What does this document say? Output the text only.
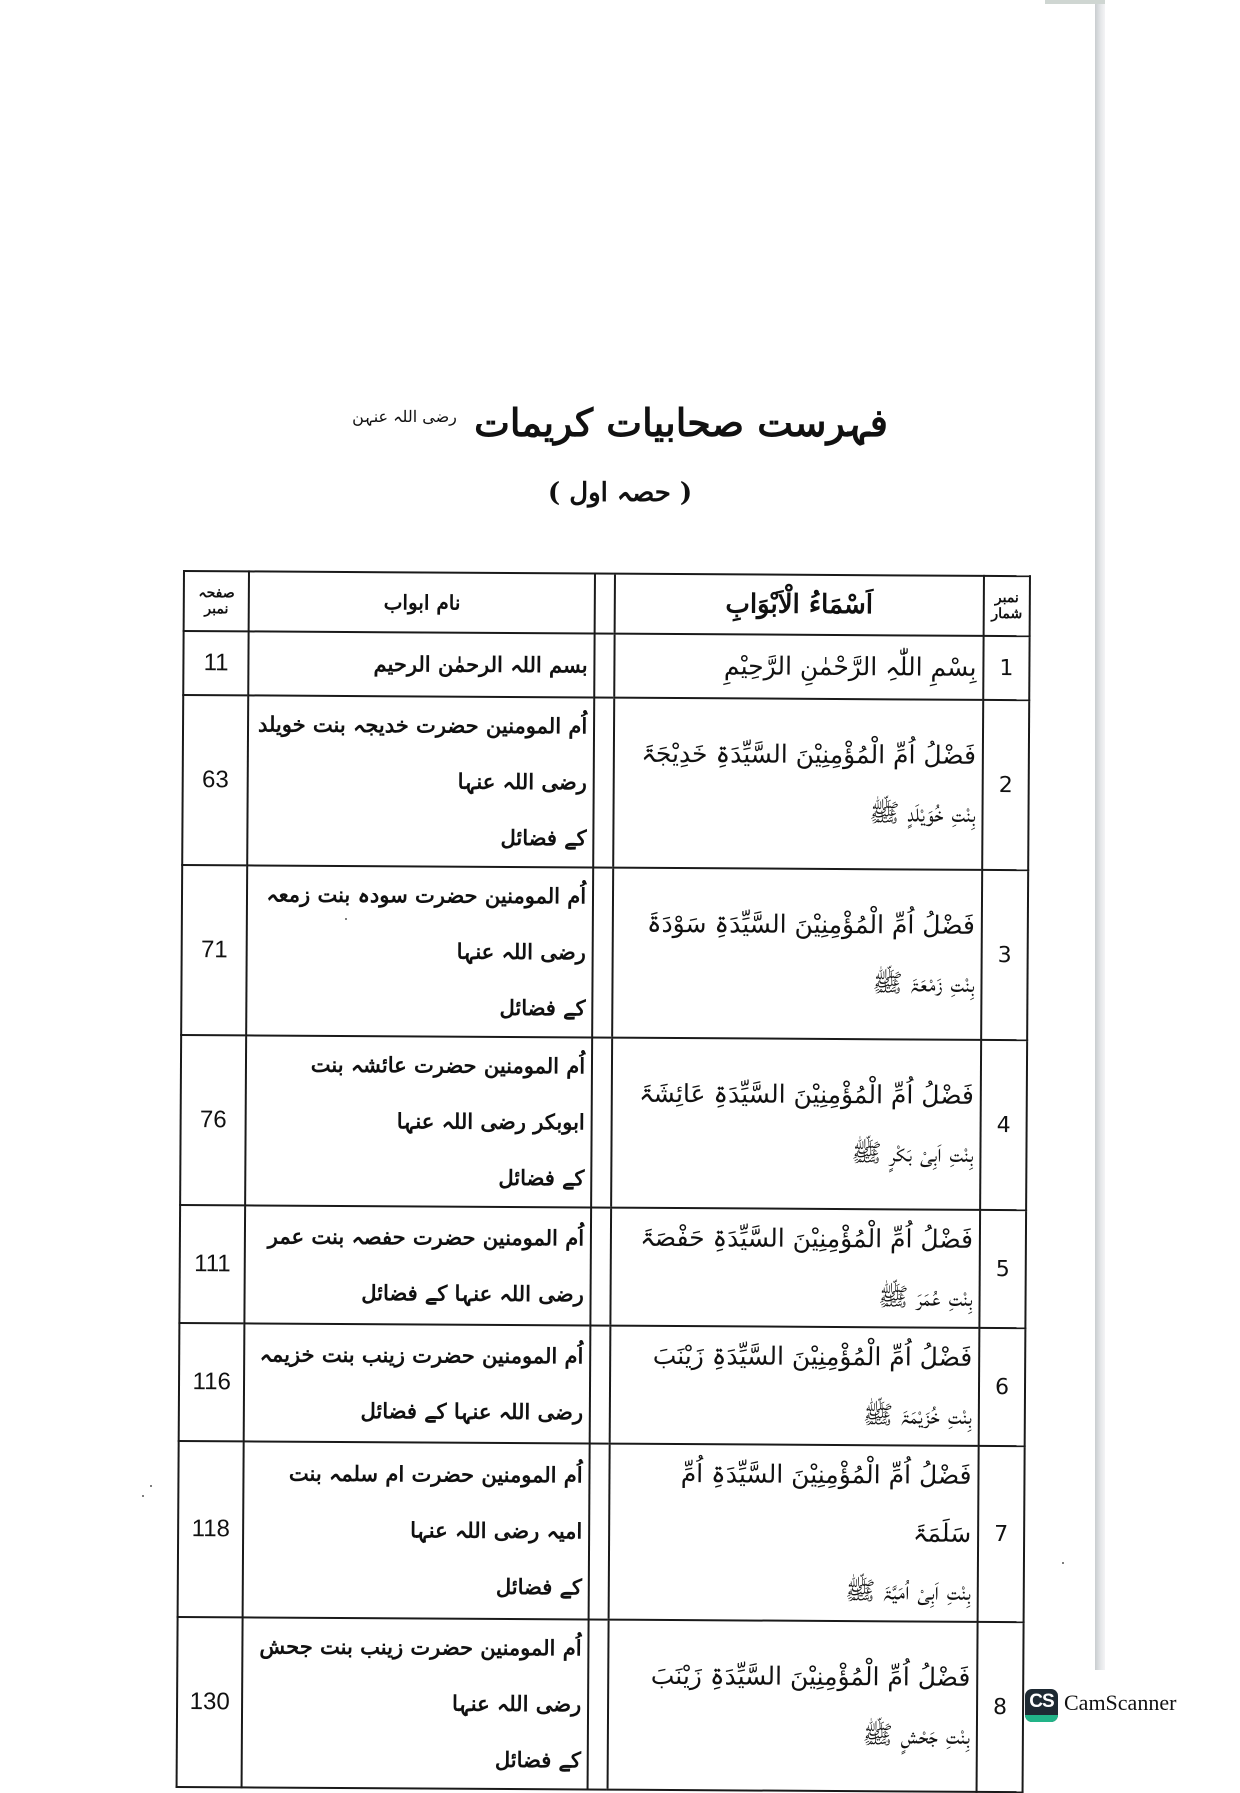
فہرست صحابیات کریمات $^{رضی اللہ عنہن}$
( حصہ اول )
نمبر شمار	اَسْمَاءُ الْاَبْوَابِ		نام ابواب	صفحہ نمبر
1	بِسْمِ اللّٰہِ الرَّحْمٰنِ الرَّحِیْمِ		بسم اللہ الرحمٰن الرحیم	11
2	فَضْلُ اُمِّ الْمُؤْمِنِیْنَ السَّیِّدَۃِ خَدِیْجَۃَ
بِنْتِ خُوَیْلَدٍ ﷺ		اُم المومنین حضرت خدیجہ بنت خویلد رضی اللہ عنہا
کے فضائل	63
3	فَضْلُ اُمِّ الْمُؤْمِنِیْنَ السَّیِّدَۃِ سَوْدَۃَ
بِنْتِ زَمْعَۃَ ﷺ		اُم المومنین حضرت سودہ بنت زمعہ رضی اللہ عنہا
کے فضائل	71
4	فَضْلُ اُمِّ الْمُؤْمِنِیْنَ السَّیِّدَۃِ عَائِشَۃَ
بِنْتِ اَبِیْ بَکْرٍ ﷺ		اُم المومنین حضرت عائشہ بنت ابوبکر رضی اللہ عنہا
کے فضائل	76
5	فَضْلُ اُمِّ الْمُؤْمِنِیْنَ السَّیِّدَۃِ حَفْصَۃَ
بِنْتِ عُمَرَ ﷺ		اُم المومنین حضرت حفصہ بنت عمر
رضی اللہ عنہا کے فضائل	111
6	فَضْلُ اُمِّ الْمُؤْمِنِیْنَ السَّیِّدَۃِ زَیْنَبَ
بِنْتِ خُزَیْمَۃَ ﷺ		اُم المومنین حضرت زینب بنت خزیمہ
رضی اللہ عنہا کے فضائل	116
7	فَضْلُ اُمِّ الْمُؤْمِنِیْنَ السَّیِّدَۃِ اُمِّ سَلَمَۃَ
بِنْتِ اَبِیْ اُمَیَّۃَ ﷺ		اُم المومنین حضرت ام سلمہ بنت امیہ رضی اللہ عنہا
کے فضائل	118
8	فَضْلُ اُمِّ الْمُؤْمِنِیْنَ السَّیِّدَۃِ زَیْنَبَ
بِنْتِ جَحْشٍ ﷺ		اُم المومنین حضرت زینب بنت جحش رضی اللہ عنہا
کے فضائل	130	CS CamScanner
